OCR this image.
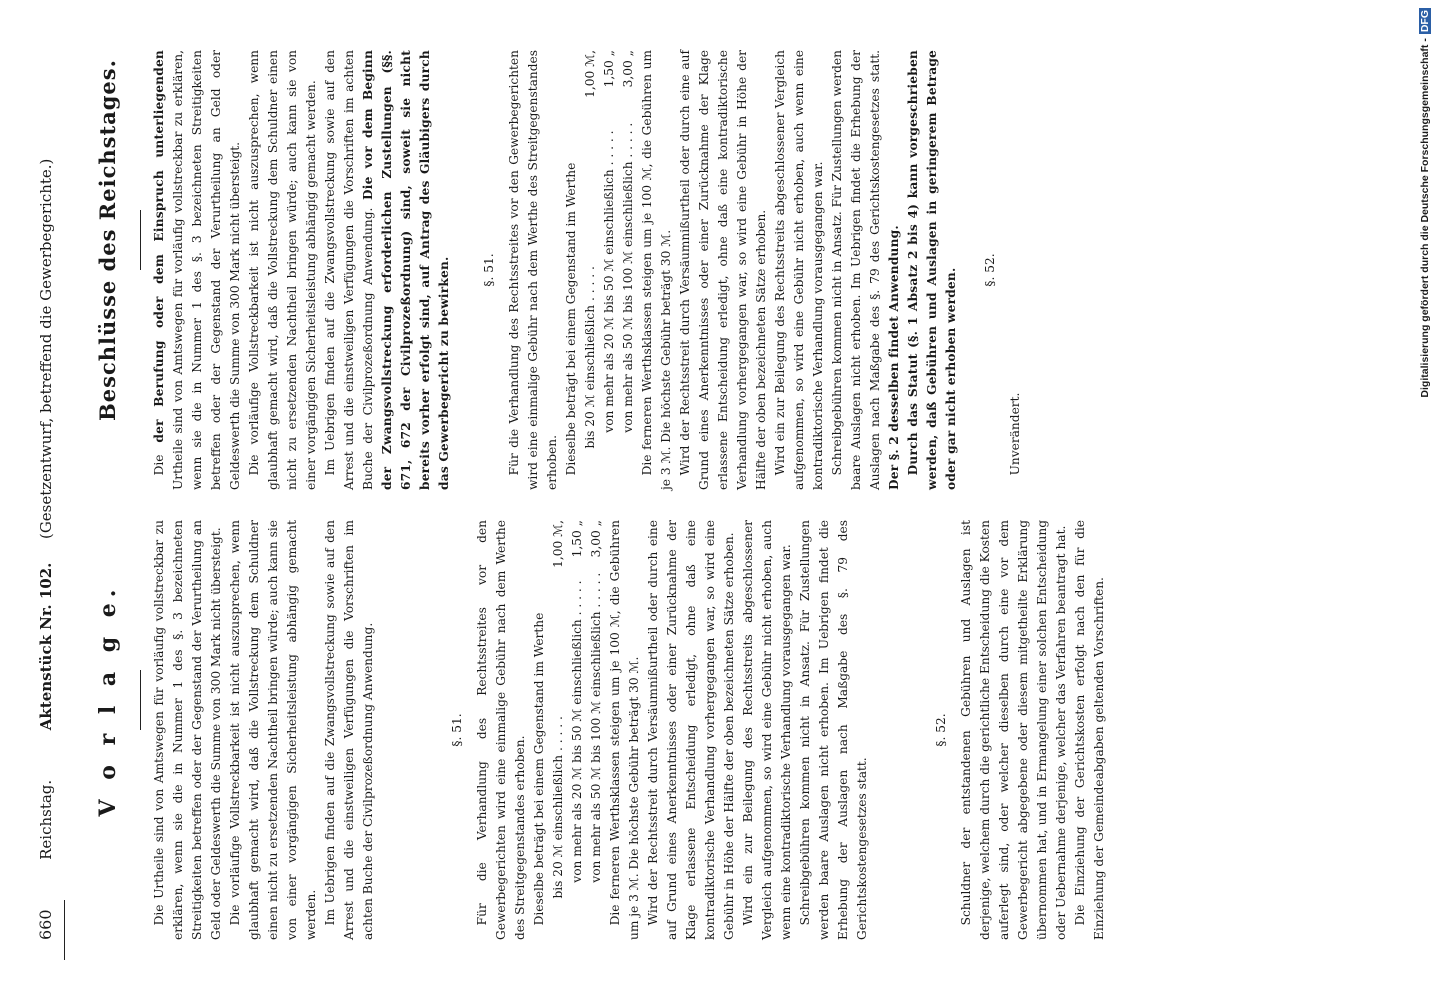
660  Reichstag.  Aktenstück Nr. 102.  (Gesetzentwurf, betreffend die Gewerbegerichte.)
V o r l a g e.
Beschlüsse des Reichstages.

Die Urtheile sind von Amtswegen für vorläufig vollstreckbar zu erklären, wenn sie die in Nummer 1 des §. 3 bezeichneten Streitigkeiten betreffen oder der Gegenstand der Verurtheilung an Geld oder Geldeswerth die Summe von 300 Mark nicht übersteigt. Die vorläufige Vollstreckbarkeit ist nicht auszusprechen, wenn glaubhaft gemacht wird, daß die Vollstreckung dem Schuldner einen nicht zu ersetzenden Nachtheil bringen würde; auch kann sie von einer vorgängigen Sicherheitsleistung abhängig gemacht werden. Im Uebrigen finden auf die Zwangsvollstreckung sowie auf den Arrest und die einstweiligen Verfügungen die Vorschriften im achten Buche der Civilprozeßordnung Anwendung.	§. 51. Für die Verhandlung des Rechtsstreites vor den Gewerbegerichten wird eine einmalige Gebühr nach dem Werthe des Streitgegenstandes erhoben. Dieselbe beträgt bei einem Gegenstand im Werthe bis 20 ℳ einschließlich . . . . .
1,00 ℳ,

von mehr als 20 ℳ bis 50 ℳ einschließlich . . . . .
1,50 „

von mehr als 50 ℳ bis 100 ℳ einschließlich . . . . .
3,00 „ Die ferneren Werthsklassen steigen um je 100 ℳ, die Gebühren um je 3 ℳ. Die höchste Gebühr beträgt 30 ℳ. Wird der Rechtsstreit durch Versäumnißurtheil oder durch eine auf Grund eines Anerkenntnisses oder einer Zurücknahme der Klage erlassene Entscheidung erledigt, ohne daß eine kontradiktorische Verhandlung vorhergegangen war, so wird eine Gebühr in Höhe der Hälfte der oben bezeichneten Sätze erhoben. Wird ein zur Beilegung des Rechtsstreits abgeschlossener Vergleich aufgenommen, so wird eine Gebühr nicht erhoben, auch wenn eine kontradiktorische Verhandlung vorausgegangen war. Schreibgebühren kommen nicht in Ansatz. Für Zustellungen werden baare Auslagen nicht erhoben. Im Uebrigen findet die Erhebung der Auslagen nach Maßgabe des §. 79 des Gerichtskostengesetzes statt.

§. 52. Schuldner der entstandenen Gebühren und Auslagen ist derjenige, welchem durch die gerichtliche Entscheidung die Kosten auferlegt sind, oder welcher dieselben durch eine vor dem Gewerbegericht abgegebene oder diesem mitgetheilte Erklärung übernommen hat, und in Ermangelung einer solchen Entscheidung oder Uebernahme derjenige, welcher das Verfahren beantragt hat. Die Einziehung der Gerichtskosten erfolgt nach den für die Einziehung der Gemeindeabgaben geltenden Vorschriften.

Die der Berufung oder dem Einspruch unterliegenden Urtheile sind von Amtswegen für vorläufig vollstreckbar zu erklären, wenn sie die in Nummer 1 des §. 3 bezeichneten Streitigkeiten betreffen oder der Gegenstand der Verurtheilung an Geld oder Geldeswerth die Summe von 300 Mark nicht übersteigt. Die vorläufige Vollstreckbarkeit ist nicht auszusprechen, wenn glaubhaft gemacht wird, daß die Vollstreckung dem Schuldner einen nicht zu ersetzenden Nachtheil bringen würde; auch kann sie von einer vorgängigen Sicherheitsleistung abhängig gemacht werden. Im Uebrigen finden auf die Zwangsvollstreckung sowie auf den Arrest und die einstweiligen Verfügungen die Vorschriften im achten Buche der Civilprozeßordnung Anwendung. Die vor dem Beginn der Zwangsvollstreckung erforderlichen Zustellungen (§§. 671, 672 der Civilprozeßordnung) sind, soweit sie nicht bereits vorher erfolgt sind, auf Antrag des Gläubigers durch das Gewerbegericht zu bewirken.	§. 51. Für die Verhandlung des Rechtsstreites vor den Gewerbegerichten wird eine einmalige Gebühr nach dem Werthe des Streitgegenstandes erhoben. Dieselbe beträgt bei einem Gegenstand im Werthe bis 20 ℳ einschließlich . . . . .
1,00 ℳ,

von mehr als 20 ℳ bis 50 ℳ einschließlich . . . . .
1,50 „

von mehr als 50 ℳ bis 100 ℳ einschließlich . . . . .
3,00 „ Die ferneren Werthsklassen steigen um je 100 ℳ, die Gebühren um je 3 ℳ. Die höchste Gebühr beträgt 30 ℳ. Wird der Rechtsstreit durch Versäumnißurtheil oder durch eine auf Grund eines Anerkenntnisses oder einer Zurücknahme der Klage erlassene Entscheidung erledigt, ohne daß eine kontradiktorische Verhandlung vorhergegangen war, so wird eine Gebühr in Höhe der Hälfte der oben bezeichneten Sätze erhoben. Wird ein zur Beilegung des Rechtsstreits abgeschlossener Vergleich aufgenommen, so wird eine Gebühr nicht erhoben, auch wenn eine kontradiktorische Verhandlung vorausgegangen war. Schreibgebühren kommen nicht in Ansatz. Für Zustellungen werden baare Auslagen nicht erhoben. Im Uebrigen findet die Erhebung der Auslagen nach Maßgabe des §. 79 des Gerichtskostengesetzes statt. Der §. 2 desselben findet Anwendung. Durch das Statut (§. 1 Absatz 2 bis 4) kann vorgeschrieben werden, daß Gebühren und Auslagen in geringerem Betrage oder gar nicht erhoben werden. §. 52.

Unverändert.

Digitalisierung gefördert durch die Deutsche Forschungsgemeinschaft -DFG
